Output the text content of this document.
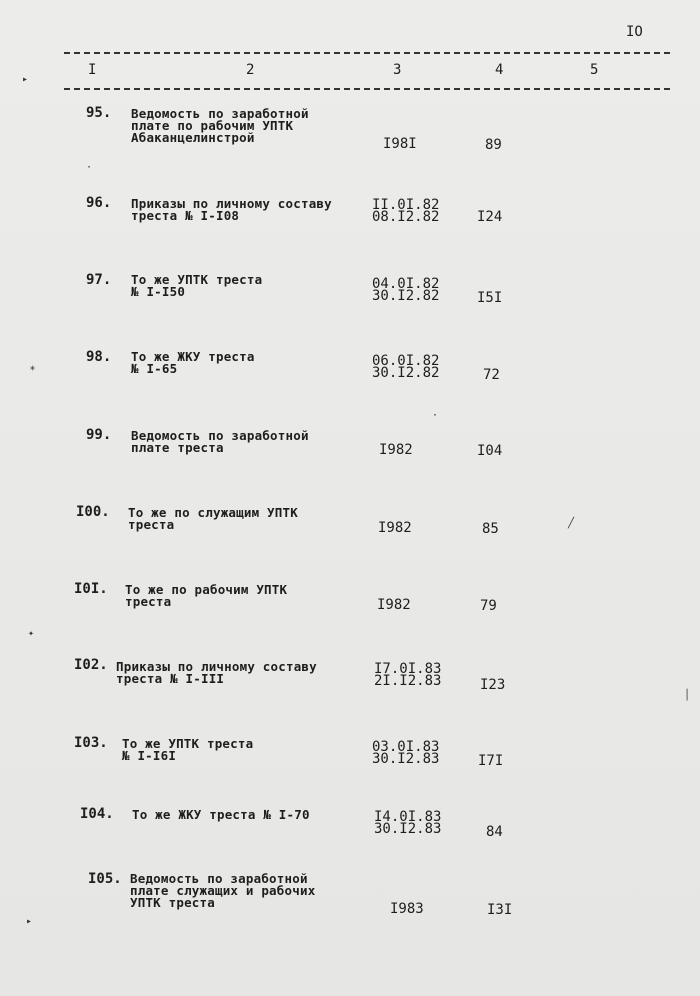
IO
I	2	3	4	5
95. Ведомость по заработной
плате по рабочим УПТК
Абаканцелинстрой	I98I	89
96. Приказы по личному составу
треста № I-I08
II.0I.82
08.I2.82	I24
97. То же УПТК треста
№ I-I50	04.0I.82
30.I2.82	I5I
98. То же ЖКУ треста
№ I-65	06.0I.82
30.I2.82	72
99. Ведомость по заработной
плате треста	I982	I04
I00. То же по служащим УПТК
треста	I982	85
I0I. То же по рабочим УПТК
треста	I982	79
I02. Приказы по личному составу
треста № I-III
I7.0I.83
2I.I2.83	I23
I03. То же УПТК треста
№ I-I6I
03.0I.83
30.I2.83	I7I
I04. То же ЖКУ треста № I-70	I4.0I.83
30.I2.83	84
I05. Ведомость по заработной
плате служащих и рабочих
УПТК треста	I983	I3I
▸
⁎
✦
▸
·
·
╱
│
